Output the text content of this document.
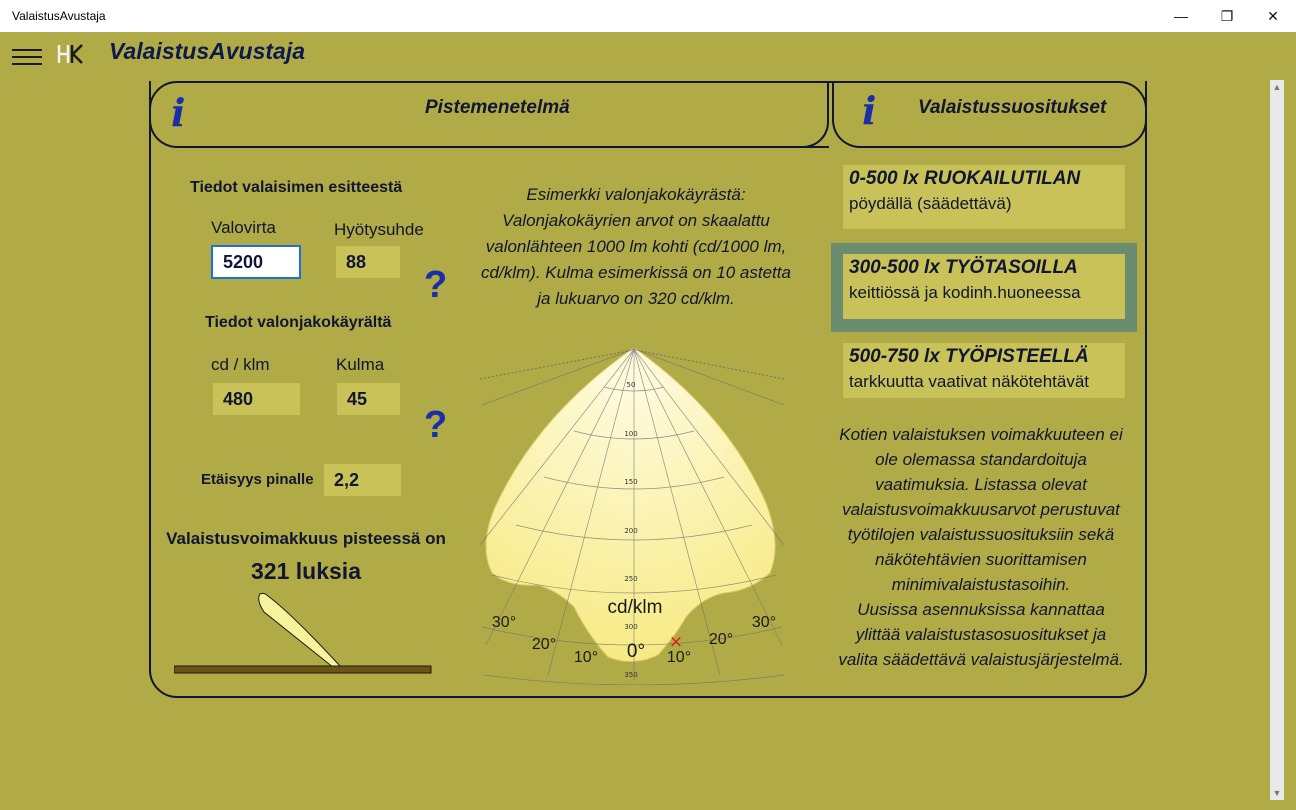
ValaistusAvustaja	—	❐	✕
ValaistusAvustaja
i	Pistemenetelmä	i Valaistussuositukset
Tiedot valaisimen esitteestä
Valovirta
5200
Hyötysuhde
88
?
Tiedot valonjakokäyrältä
cd / klm
480
Kulma
45
?
Etäisyys pinalle	2,2
Valaistusvoimakkuus pisteessä on
321 luksia
Esimerkki valonjakokäyrästä: Valonjakokäyrien arvot on skaalattu valonlähteen 1000 lm kohti (cd/1000 lm, cd/klm). Kulma esimerkissä on 10 astetta ja lukuarvo on 320 cd/klm.
50
100
150
200
250
300
350
cd/klm
30°
20°
10° 0° 10°
20°
30°
×
0-500 lx RUOKAILUTILAN
pöydällä (säädettävä)
300-500 lx TYÖTASOILLA
keittiössä ja kodinh.huoneessa
500-750 lx TYÖPISTEELLÄ
tarkkuutta vaativat näkötehtävät
Kotien valaistuksen voimakkuuteen ei
ole olemassa standardoituja
vaatimuksia. Listassa olevat
valaistusvoimakkuusarvot perustuvat
työtilojen valaistussuosituksiin sekä
näkötehtävien suorittamisen
minimivalaistustasoihin.
Uusissa asennuksissa kannattaa
ylittää valaistustasosuositukset ja
valita säädettävä valaistusjärjestelmä.
▲
▼
